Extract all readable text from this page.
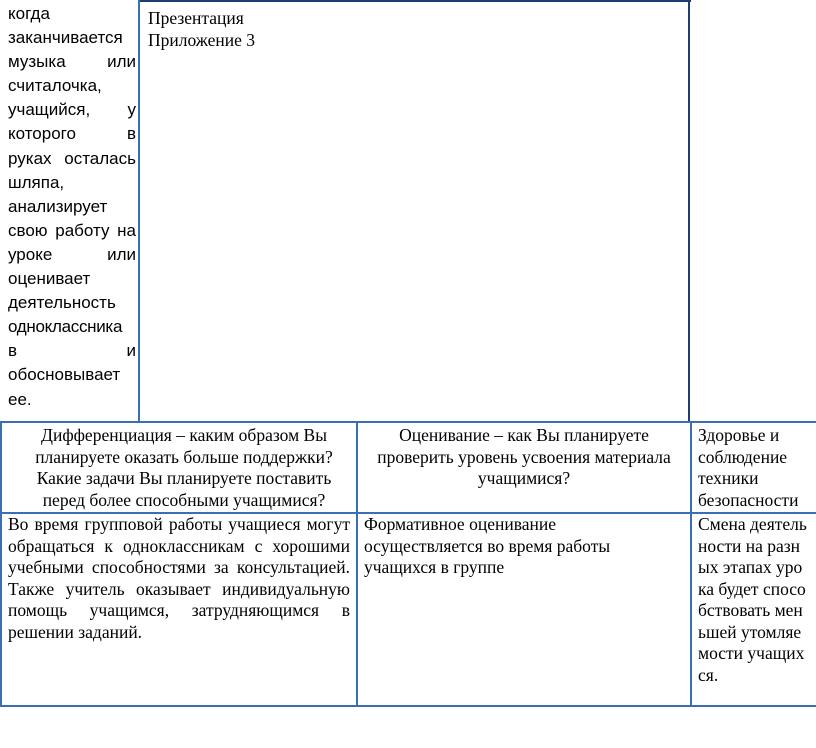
когда
заканчивается
музыка или
считалочка,
учащийся, у
которого в
руках осталась
шляпа,
анализирует
свою работу на
уроке или
оценивает
деятельность
одноклассника
в и
обосновывает
ее.
Презентация
Приложение 3
Дифференциация – каким образом Вы планируете оказать больше поддержки? Какие задачи Вы планируете поставить перед более способными учащимися?
Оценивание – как Вы планируете проверить уровень усвоения материала учащимися?
Здоровье и соблюдение техники безопасности
Во время групповой работы учащиеся могут обращаться к одноклассникам с хорошими учебными способностями за консультацией. Также учитель оказывает индивидуальную помощь учащимся, затрудняющимся в решении заданий.
Формативное оценивание осуществляется во время работы учащихся в группе
Смена деятельности на разных этапах урока будет способствовать меньшей утомляемости учащихся.
